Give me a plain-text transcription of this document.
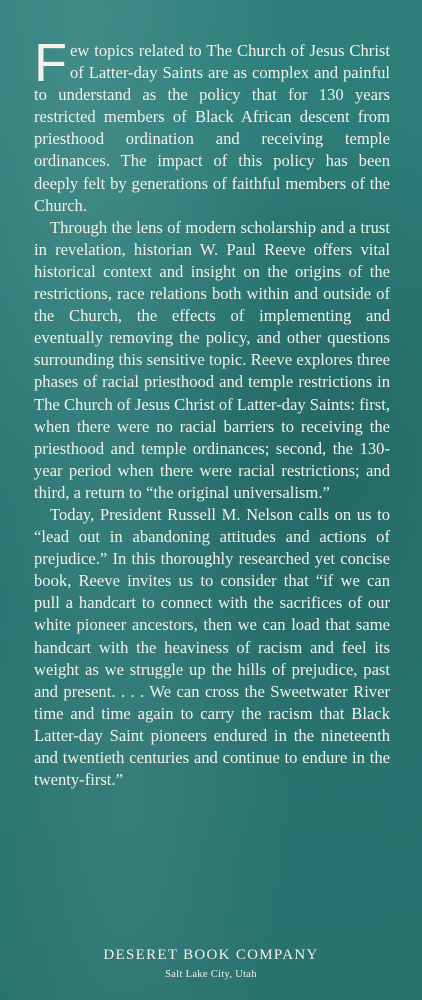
Few topics related to The Church of Jesus Christ of Latter-day Saints are as complex and painful to understand as the policy that for 130 years restricted members of Black African descent from priesthood ordination and receiving temple ordinances. The impact of this policy has been deeply felt by generations of faithful members of the Church.

Through the lens of modern scholarship and a trust in revelation, historian W. Paul Reeve offers vital historical context and insight on the origins of the restrictions, race relations both within and outside of the Church, the effects of implementing and eventually removing the policy, and other questions surrounding this sensitive topic. Reeve explores three phases of racial priesthood and temple restrictions in The Church of Jesus Christ of Latter-day Saints: first, when there were no racial barriers to receiving the priesthood and temple ordinances; second, the 130-year period when there were racial restrictions; and third, a return to “the original universalism.”

Today, President Russell M. Nelson calls on us to “lead out in abandoning attitudes and actions of prejudice.” In this thoroughly researched yet concise book, Reeve invites us to consider that “if we can pull a handcart to connect with the sacrifices of our white pioneer ancestors, then we can load that same handcart with the heaviness of racism and feel its weight as we struggle up the hills of prejudice, past and present. . . . We can cross the Sweetwater River time and time again to carry the racism that Black Latter-day Saint pioneers endured in the nineteenth and twentieth centuries and continue to endure in the twenty-first.”

DESERET BOOK COMPANY
Salt Lake City, Utah
